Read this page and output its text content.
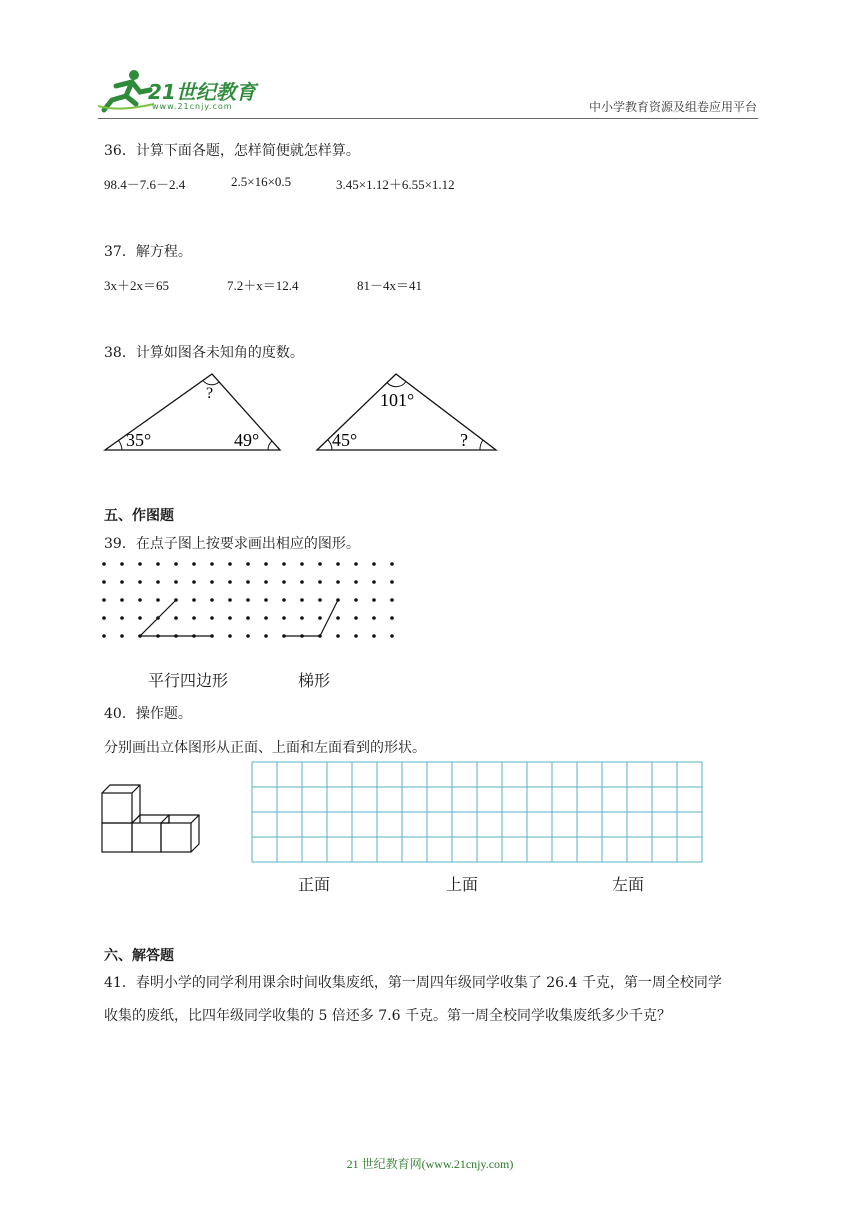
21世纪教育
www.21cnjy.com	中小学教育资源及组卷应用平台
36．计算下面各题，怎样简便就怎样算。
98.4－7.6－2.4	2.5×16×0.5	3.45×1.12＋6.55×1.12
37．解方程。
3x＋2x＝65	7.2＋x＝12.4	81－4x＝41
38．计算如图各未知角的度数。
?
35°	49°
101°
45°	?
五、作图题
39．在点子图上按要求画出相应的图形。
平行四边形	梯形
40．操作题。
分别画出立体图形从正面、上面和左面看到的形状。
正面	上面	左面
六、解答题
41．春明小学的同学利用课余时间收集废纸，第一周四年级同学收集了 26.4 千克，第一周全校同学
收集的废纸，比四年级同学收集的 5 倍还多 7.6 千克。第一周全校同学收集废纸多少千克？
21 世纪教育网(www.21cnjy.com)
